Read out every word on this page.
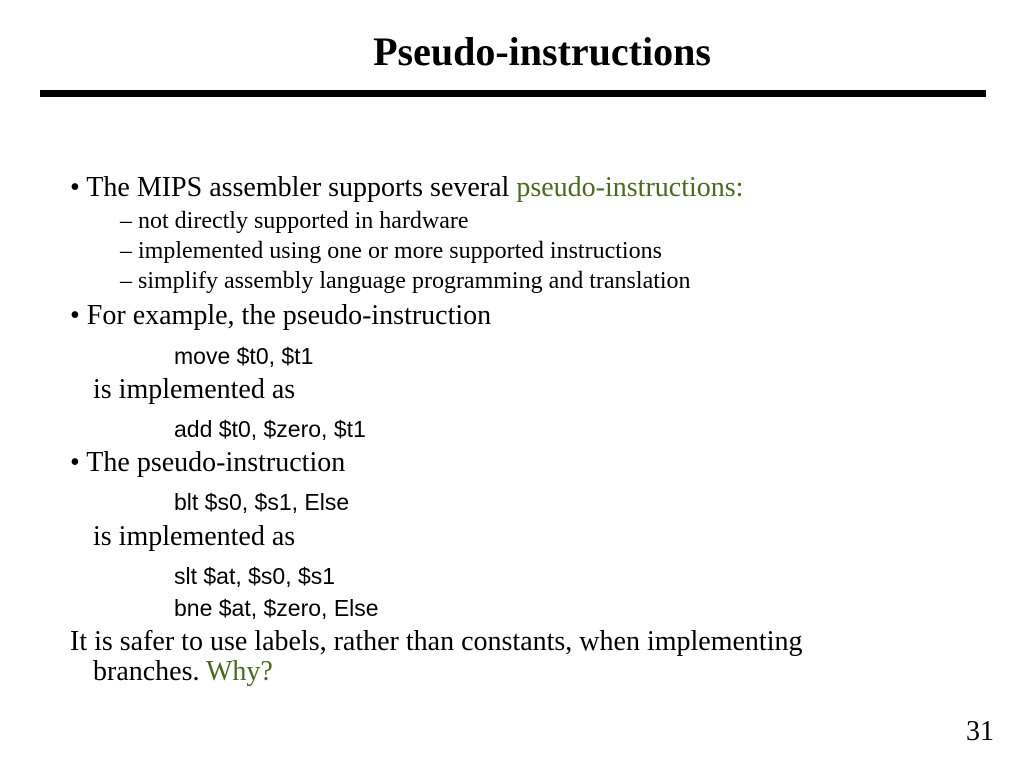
Pseudo-instructions
• The MIPS assembler supports several pseudo-instructions:
– not directly supported in hardware
– implemented using one or more supported instructions
– simplify assembly language programming and translation
• For example, the pseudo-instruction
move $t0, $t1
is implemented as
add $t0, $zero, $t1
• The pseudo-instruction
blt $s0, $s1, Else
is implemented as
slt $at, $s0, $s1
bne $at, $zero, Else
It is safer to use labels, rather than constants, when implementing
branches. Why?
31
